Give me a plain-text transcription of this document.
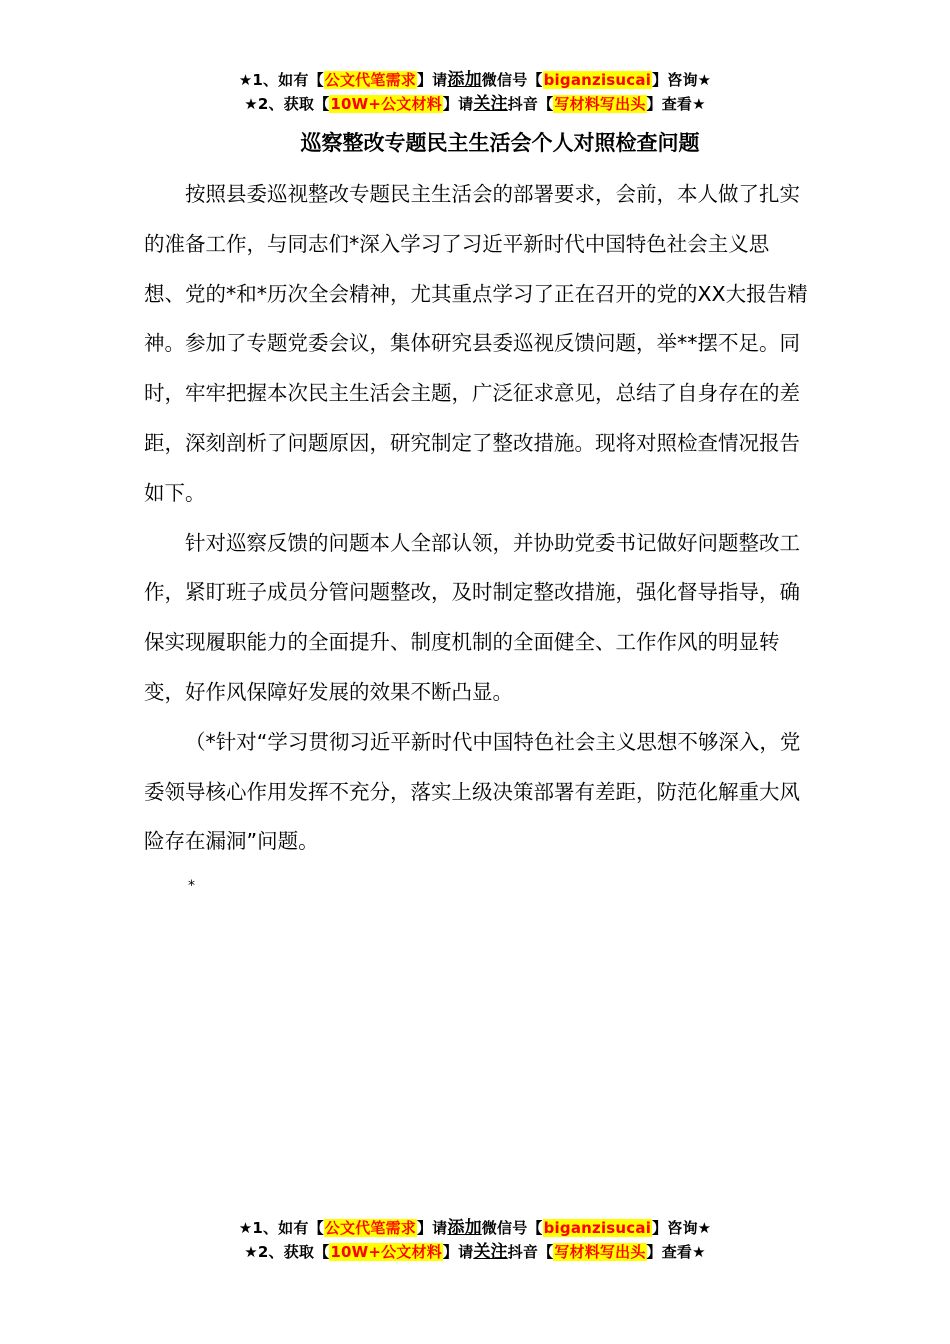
★1、如有【公文代笔需求】请添加微信号【biganzisucai】咨询★
★2、获取【10W+公文材料】请关注抖音【写材料写出头】查看★
巡察整改专题民主生活会个人对照检查问题

按照县委巡视整改专题民主生活会的部署要求，会前，本人做了扎实的准备工作，与同志们*深入学习了习近平新时代中国特色社会主义思想、党的*和*历次全会精神，尤其重点学习了正在召开的党的XX大报告精神。参加了专题党委会议，集体研究县委巡视反馈问题，举**摆不足。同时，牢牢把握本次民主生活会主题，广泛征求意见，总结了自身存在的差距，深刻剖析了问题原因，研究制定了整改措施。现将对照检查情况报告如下。

针对巡察反馈的问题本人全部认领，并协助党委书记做好问题整改工作，紧盯班子成员分管问题整改，及时制定整改措施，强化督导指导，确保实现履职能力的全面提升、制度机制的全面健全、工作作风的明显转变，好作风保障好发展的效果不断凸显。

（*针对“学习贯彻习近平新时代中国特色社会主义思想不够深入，党委领导核心作用发挥不充分，落实上级决策部署有差距，防范化解重大风险存在漏洞”问题。

*
★1、如有【公文代笔需求】请添加微信号【biganzisucai】咨询★
★2、获取【10W+公文材料】请关注抖音【写材料写出头】查看★
